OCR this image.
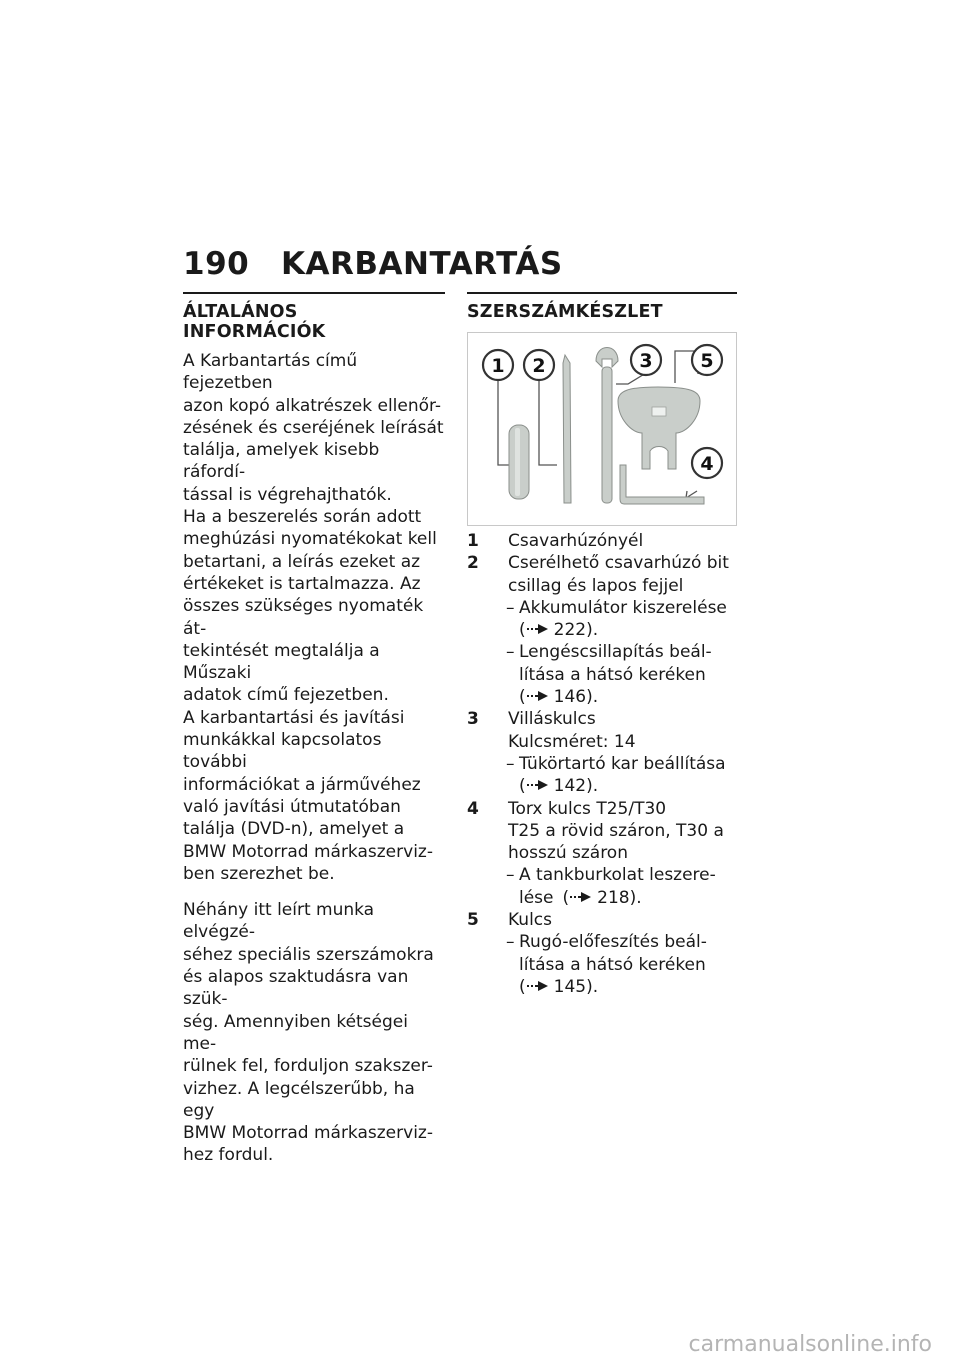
190 KARBANTARTÁS
ÁLTALÁNOS INFORMÁCIÓK

A Karbantartás című fejezetben

azon kopó alkatrészek ellenőr-

zésének és cseréjének leírását

találja, amelyek kisebb ráfordí-

tással is végrehajthatók.

Ha a beszerelés során adott

meghúzási nyomatékokat kell

betartani, a leírás ezeket az

értékeket is tartalmazza. Az

összes szükséges nyomaték át-

tekintését megtalálja a Műszaki

adatok című fejezetben.

A karbantartási és javítási

munkákkal kapcsolatos további

információkat a járművéhez

való javítási útmutatóban

találja (DVD-n), amelyet a

BMW Motorrad márkaszerviz-

ben szerezhet be.

Néhány itt leírt munka elvégzé-

séhez speciális szerszámokra

és alapos szaktudásra van szük-

ség. Amennyiben kétségei me-

rülnek fel, forduljon szakszer-

vizhez. A legcélszerűbb, ha egy

BMW Motorrad márkaszerviz-

hez fordul.

SZERSZÁMKÉSZLET
1 2	3	5
4
1	Csavarhúzónyél
2	Cserélhető csavarhúzó bit
csillag és lapos fejjel
– Akkumulátor kiszerelése
( 222).
– Lengéscsillapítás beál-
lítása a hátsó keréken
( 146).
3	Villáskulcs
Kulcsméret: 14
– Tükörtartó kar beállítása
( 142).
4	Torx kulcs T25/T30
T25 a rövid száron, T30 a
hosszú száron
– A tankburkolat leszere-
lése ( 218).
5	Kulcs
– Rugó-előfeszítés beál-
lítása a hátsó keréken
( 145).
carmanualsonline.info
